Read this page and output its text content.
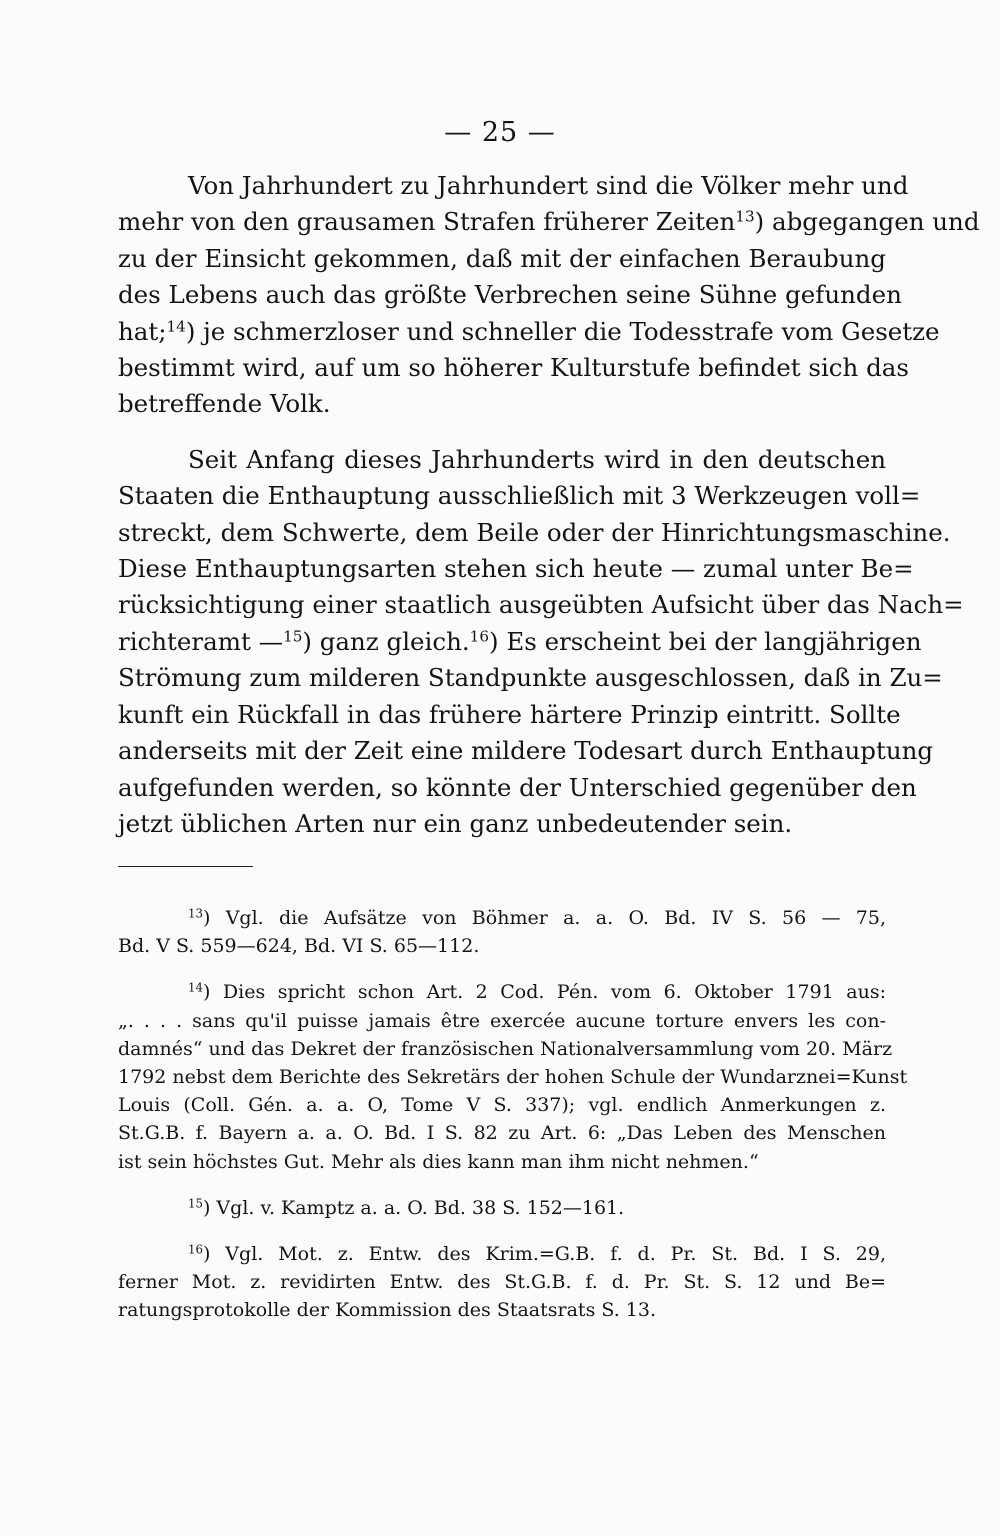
— 25 —

Von Jahrhundert zu Jahrhundert sind die Völker mehr und
mehr von den grausamen Strafen früherer Zeiten$^{13}$) abgegangen und
zu der Einsicht gekommen, daß mit der einfachen Beraubung
des Lebens auch das größte Verbrechen seine Sühne gefunden
hat;$^{14}$) je schmerzloser und schneller die Todesstrafe vom Gesetze
bestimmt wird, auf um so höherer Kulturstufe befindet sich das
betreffende Volk.

Seit Anfang dieses Jahrhunderts wird in den deutschen
Staaten die Enthauptung ausschließlich mit 3 Werkzeugen voll=
streckt, dem Schwerte, dem Beile oder der Hinrichtungsmaschine.
Diese Enthauptungsarten stehen sich heute — zumal unter Be=
rücksichtigung einer staatlich ausgeübten Aufsicht über das Nach=
richteramt —$^{15}$) ganz gleich.$^{16}$) Es erscheint bei der langjährigen
Strömung zum milderen Standpunkte ausgeschlossen, daß in Zu=
kunft ein Rückfall in das frühere härtere Prinzip eintritt. Sollte
anderseits mit der Zeit eine mildere Todesart durch Enthauptung
aufgefunden werden, so könnte der Unterschied gegenüber den
jetzt üblichen Arten nur ein ganz unbedeutender sein.

$^{13}$) Vgl. die Aufsätze von Böhmer a. a. O. Bd. IV S. 56 — 75,
Bd. V S. 559—624, Bd. VI S. 65—112.
$^{14}$) Dies spricht schon Art. 2 Cod. Pén. vom 6. Oktober 1791 aus:
„. . . . sans qu'il puisse jamais être exercée aucune torture envers les con-
damnés“ und das Dekret der französischen Nationalversammlung vom 20. März
1792 nebst dem Berichte des Sekretärs der hohen Schule der Wundarznei=Kunst
Louis (Coll. Gén. a. a. O, Tome V S. 337); vgl. endlich Anmerkungen z.
St.G.B. f. Bayern a. a. O. Bd. I S. 82 zu Art. 6: „Das Leben des Menschen
ist sein höchstes Gut. Mehr als dies kann man ihm nicht nehmen.“
$^{15}$) Vgl. v. Kamptz a. a. O. Bd. 38 S. 152—161.
$^{16}$) Vgl. Mot. z. Entw. des Krim.=G.B. f. d. Pr. St. Bd. I S. 29,
ferner Mot. z. revidirten Entw. des St.G.B. f. d. Pr. St. S. 12 und Be=
ratungsprotokolle der Kommission des Staatsrats S. 13.
